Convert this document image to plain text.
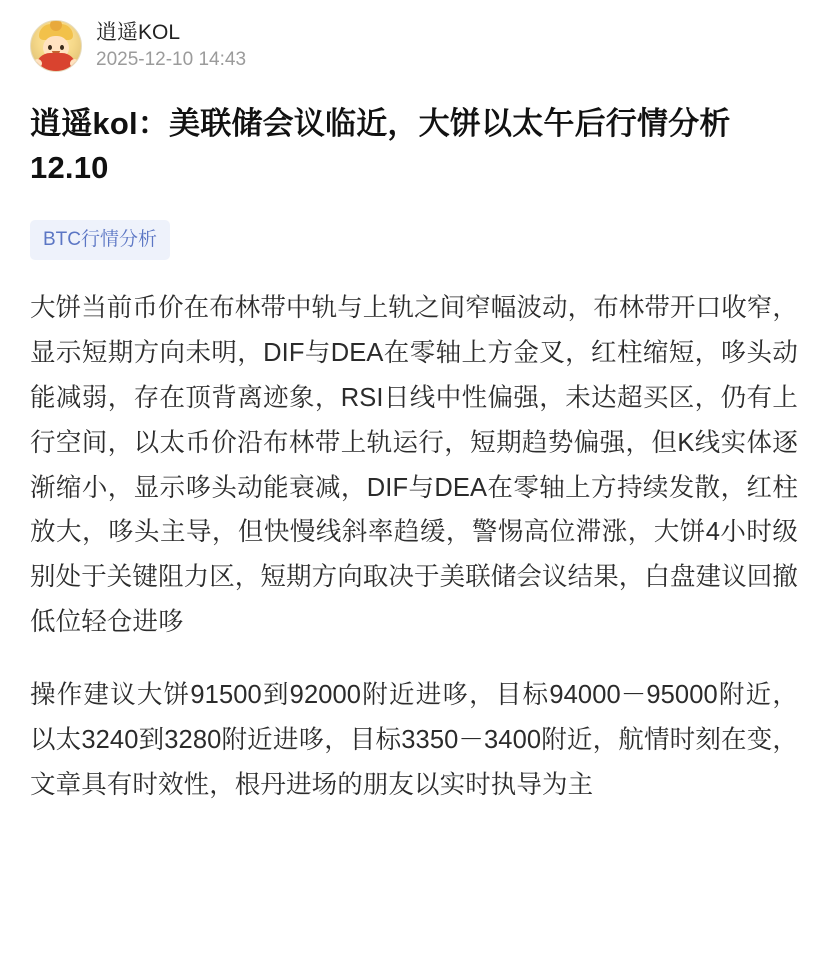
逍遥KOL
2025-12-10 14:43
逍遥kol：美联储会议临近，大饼以太午后行情分析12.10
BTC行情分析

大饼当前币价在布林带中轨与上轨之间窄幅波动，布林带开口收窄，显示短期方向未明，DIF与DEA在零轴上方金叉，红柱缩短，哆头动能减弱，存在顶背离迹象，RSI日线中性偏强，未达超买区，仍有上行空间，以太币价沿布林带上轨运行，短期趋势偏强，但K线实体逐渐缩小，显示哆头动能衰减，DIF与DEA在零轴上方持续发散，红柱放大，哆头主导，但快慢线斜率趋缓，警惕高位滞涨，大饼4小时级别处于关键阻力区，短期方向取决于美联储会议结果，白盘建议回撤低位轻仓进哆

操作建议大饼91500到92000附近进哆，目标94000－95000附近，以太3240到3280附近进哆，目标3350－3400附近，航情时刻在变，文章具有时效性，根丹进场的朋友以实时执导为主
